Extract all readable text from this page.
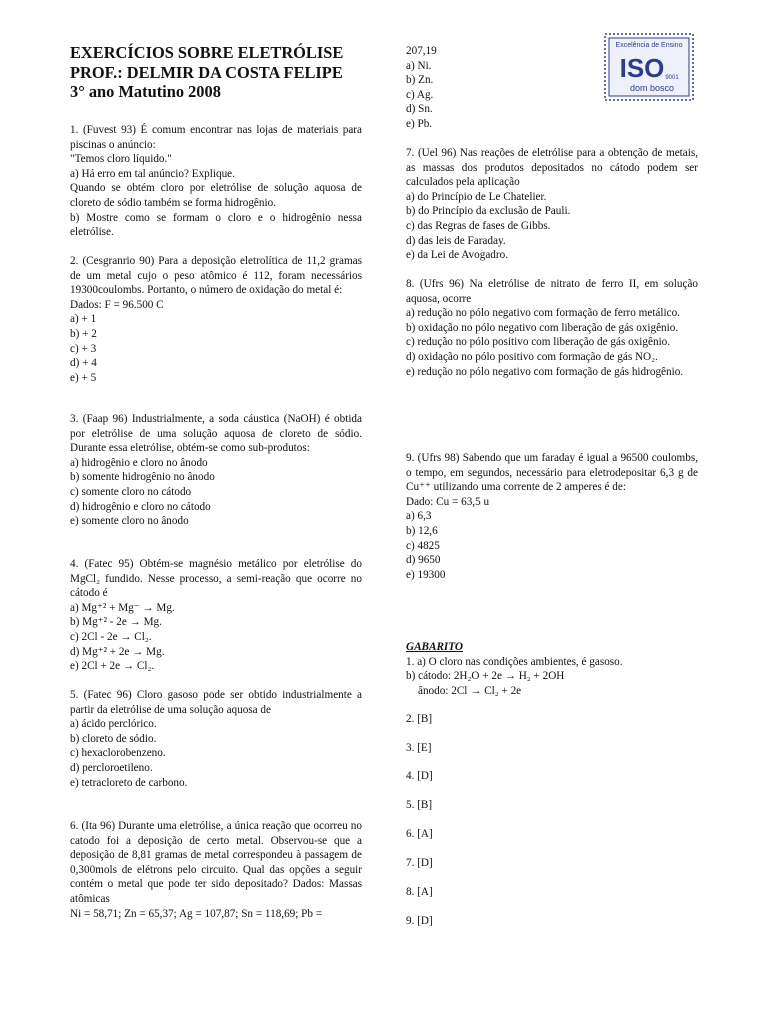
EXERCÍCIOS SOBRE ELETRÓLISE

PROF.: DELMIR DA COSTA FELIPE

3° ano Matutino 2008

Excelência de Ensino
ISO 9001
dom bosco
1. (Fuvest 93) É comum encontrar nas lojas de materiais para piscinas o anúncio:
"Temos cloro líquido."
a) Há erro em tal anúncio? Explique.
Quando se obtém cloro por eletrólise de solução aquosa de cloreto de sódio também se forma hidrogênio.
b) Mostre como se formam o cloro e o hidrogênio nessa eletrólise.
2. (Cesgranrio 90) Para a deposição eletrolítica de 11,2 gramas de um metal cujo o peso atômico é 112, foram necessários 19300coulombs. Portanto, o número de oxidação do metal é:
Dados: F = 96.500 C
a) + 1
b) + 2
c) + 3
d) + 4
e) + 5
3. (Faap 96) Industrialmente, a soda cáustica (NaOH) é obtida por eletrólise de uma solução aquosa de cloreto de sódio. Durante essa eletrólise, obtém-se como sub-produtos:
a) hidrogênio e cloro no ânodo
b) somente hidrogênio no ânodo
c) somente cloro no cátodo
d) hidrogênio e cloro no cátodo
e) somente cloro no ânodo
4. (Fatec 95) Obtém-se magnésio metálico por eletrólise do MgCl₂ fundido. Nesse processo, a semi-reação que ocorre no cátodo é
a) Mg⁺² + Mg⁻ → Mg.
b) Mg⁺² - 2e → Mg.
c) 2Cl - 2e → Cl₂.
d) Mg⁺² + 2e → Mg.
e) 2Cl + 2e → Cl₂.
5. (Fatec 96) Cloro gasoso pode ser obtido industrialmente a partir da eletrólise de uma solução aquosa de
a) ácido perclórico.
b) cloreto de sódio.
c) hexaclorobenzeno.
d) percloroetileno.
e) tetracloreto de carbono.
6. (Ita 96) Durante uma eletrólise, a única reação que ocorreu no catodo foi a deposição de certo metal. Observou-se que a deposição de 8,81 gramas de metal correspondeu à passagem de 0,300mols de elétrons pelo circuito. Qual das opções a seguir contém o metal que pode ter sido depositado? Dados: Massas atômicas
Ni = 58,71; Zn = 65,37; Ag = 107,87; Sn = 118,69; Pb =
207,19
a) Ni.
b) Zn.
c) Ag.
d) Sn.
e) Pb.
7. (Uel 96) Nas reações de eletrólise para a obtenção de metais, as massas dos produtos depositados no cátodo podem ser calculados pela aplicação
a) do Princípio de Le Chatelier.
b) do Princípio da exclusão de Pauli.
c) das Regras de fases de Gibbs.
d) das leis de Faraday.
e) da Lei de Avogadro.
8. (Ufrs 96) Na eletrólise de nitrato de ferro II, em solução aquosa, ocorre
a) redução no pólo negativo com formação de ferro metálico.
b) oxidação no pólo negativo com liberação de gás oxigênio.
c) redução no pólo positivo com liberação de gás oxigênio.
d) oxidação no pólo positivo com formação de gás NO₂.
e) redução no pólo negativo com formação de gás hidrogênio.
9. (Ufrs 98) Sabendo que um faraday é igual a 96500 coulombs, o tempo, em segundos, necessário para eletrodepositar 6,3 g de Cu⁺⁺ utilizando uma corrente de 2 amperes é de:
Dado: Cu = 63,5 u
a) 6,3
b) 12,6
c) 4825
d) 9650
e) 19300
GABARITO
1. a) O cloro nas condições ambientes, é gasoso.
b) cátodo: 2H₂O + 2e → H₂ + 2OH
ânodo: 2Cl → Cl₂ + 2e
2. [B]
3. [E]
4. [D]
5. [B]
6. [A]
7. [D]
8. [A]
9. [D]
